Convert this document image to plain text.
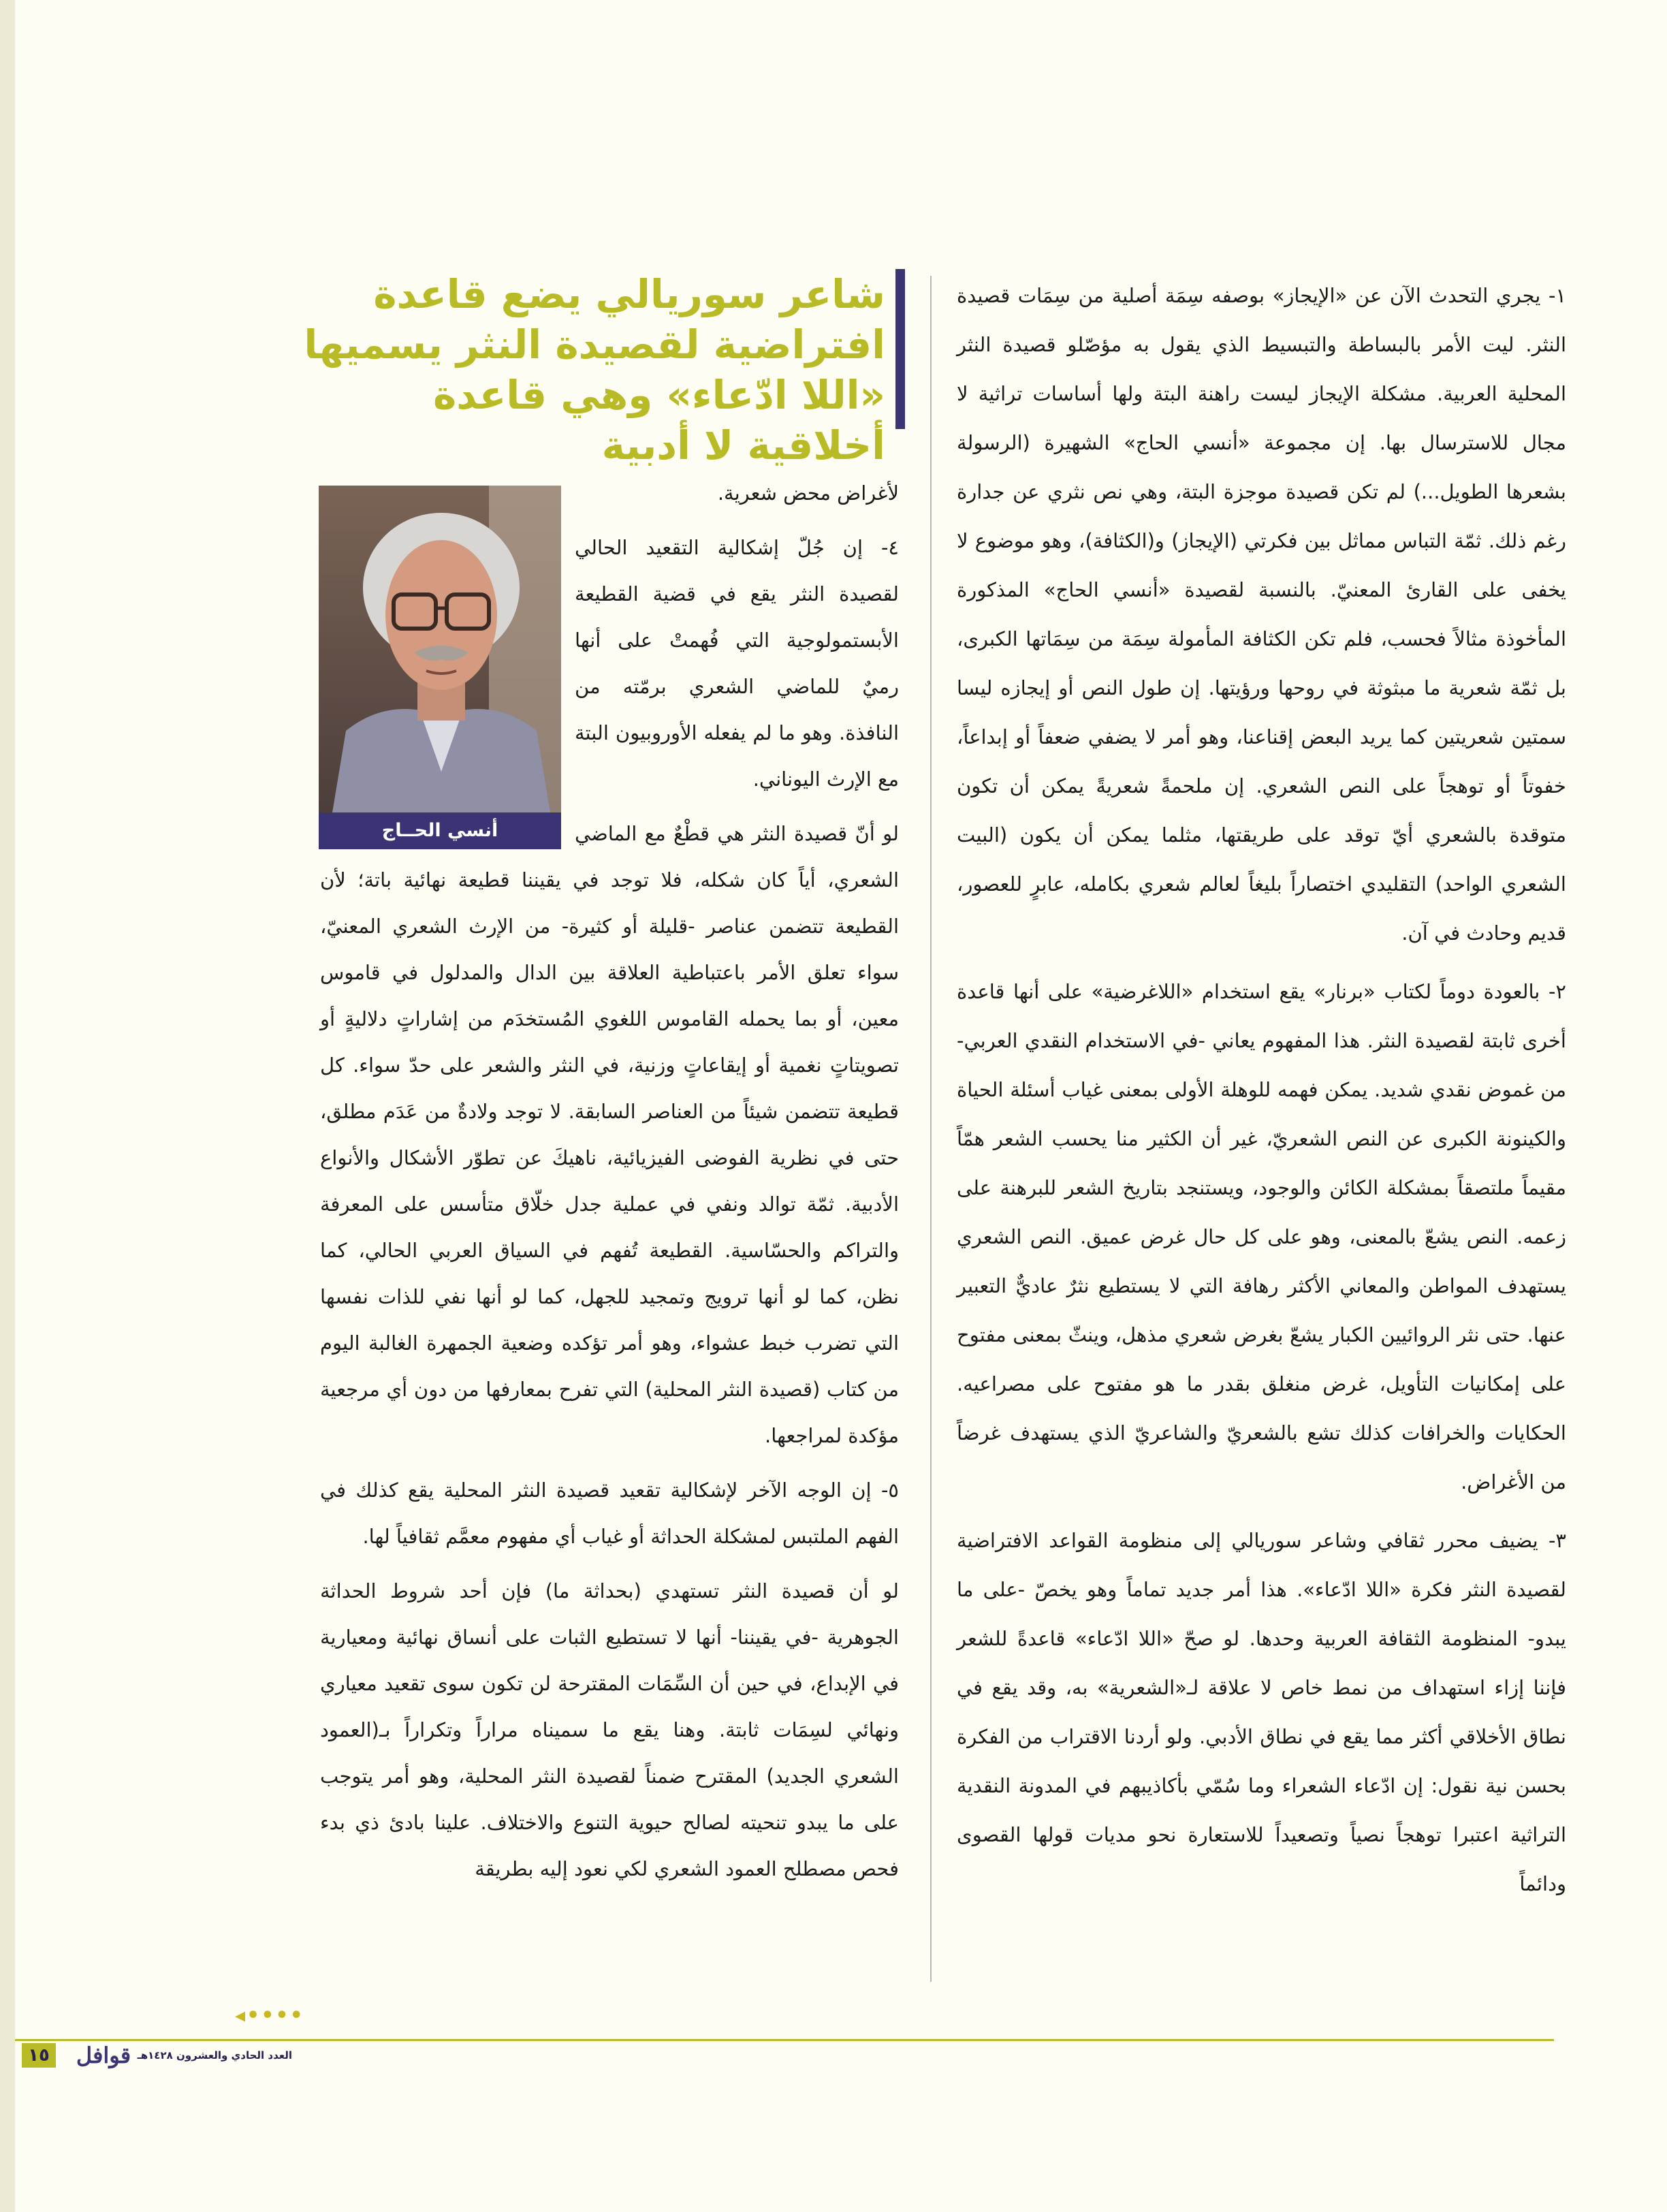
شاعر سوريالي يضع قاعدة افتراضية لقصيدة النثر يسميها «اللا ادّعاء» وهي قاعدة أخلاقية لا أدبية

١- يجري التحدث الآن عن «الإيجاز» بوصفه سِمَة أصلية من سِمَات قصيدة النثر. ليت الأمر بالبساطة والتبسيط الذي يقول به مؤصّلو قصيدة النثر المحلية العربية. مشكلة الإيجاز ليست راهنة البتة ولها أساسات تراثية لا مجال للاسترسال بها. إن مجموعة «أنسي الحاج» الشهيرة (الرسولة بشعرها الطويل...) لم تكن قصيدة موجزة البتة، وهي نص نثري عن جدارة رغم ذلك. ثمّة التباس مماثل بين فكرتي (الإيجاز) و(الكثافة)، وهو موضوع لا يخفى على القارئ المعنيّ. بالنسبة لقصيدة «أنسي الحاج» المذكورة المأخوذة مثالاً فحسب، فلم تكن الكثافة المأمولة سِمَة من سِمَاتها الكبرى، بل ثمّة شعرية ما مبثوثة في روحها ورؤيتها. إن طول النص أو إيجازه ليسا سمتين شعريتين كما يريد البعض إقناعنا، وهو أمر لا يضفي ضعفاً أو إبداعاً، خفوتاً أو توهجاً على النص الشعري. إن ملحمةً شعريةً يمكن أن تكون متوقدة بالشعري أيّ توقد على طريقتها، مثلما يمكن أن يكون (البيت الشعري الواحد) التقليدي اختصاراً بليغاً لعالم شعري بكامله، عابرٍ للعصور، قديم وحادث في آن.

٢- بالعودة دوماً لكتاب «برنار» يقع استخدام «اللاغرضية» على أنها قاعدة أخرى ثابتة لقصيدة النثر. هذا المفهوم يعاني -في الاستخدام النقدي العربي- من غموض نقدي شديد. يمكن فهمه للوهلة الأولى بمعنى غياب أسئلة الحياة والكينونة الكبرى عن النص الشعريّ، غير أن الكثير منا يحسب الشعر همّاً مقيماً ملتصقاً بمشكلة الكائن والوجود، ويستنجد بتاريخ الشعر للبرهنة على زعمه. النص يشعّ بالمعنى، وهو على كل حال غرض عميق. النص الشعري يستهدف المواطن والمعاني الأكثر رهافة التي لا يستطيع نثرٌ عاديٌّ التعبير عنها. حتى نثر الروائيين الكبار يشعّ بغرض شعري مذهل، وينثّ بمعنى مفتوح على إمكانيات التأويل، غرض منغلق بقدر ما هو مفتوح على مصراعيه. الحكايات والخرافات كذلك تشع بالشعريّ والشاعريّ الذي يستهدف غرضاً من الأغراض.

٣- يضيف محرر ثقافي وشاعر سوريالي إلى منظومة القواعد الافتراضية لقصيدة النثر فكرة «اللا ادّعاء». هذا أمر جديد تماماً وهو يخصّ -على ما يبدو- المنظومة الثقافة العربية وحدها. لو صحّ «اللا ادّعاء» قاعدةً للشعر فإننا إزاء استهداف من نمط خاص لا علاقة لـ«الشعرية» به، وقد يقع في نطاق الأخلاقي أكثر مما يقع في نطاق الأدبي. ولو أردنا الاقتراب من الفكرة بحسن نية نقول: إن ادّعاء الشعراء وما سُمّي بأكاذيبهم في المدونة النقدية التراثية اعتبرا توهجاً نصياً وتصعيداً للاستعارة نحو مديات قولها القصوى ودائماً

لأغراض محض شعرية.

٤- إن جُلّ إشكالية التقعيد الحالي لقصيدة النثر يقع في قضية القطيعة الأبستمولوجية التي فُهمتْ على أنها رميٌ للماضي الشعري برمّته من النافذة. وهو ما لم يفعله الأوروبيون البتة مع الإرث اليوناني.

لو أنّ قصيدة النثر هي قطْعٌ مع الماضي الشعري، أياً كان شكله، فلا توجد في يقيننا قطيعة نهائية باتة؛ لأن القطيعة تتضمن عناصر -قليلة أو كثيرة- من الإرث الشعري المعنيّ، سواء تعلق الأمر باعتباطية العلاقة بين الدال والمدلول في قاموس معين، أو بما يحمله القاموس اللغوي المُستخدَم من إشاراتٍ دلاليةٍ أو تصويتاتٍ نغمية أو إيقاعاتٍ وزنية، في النثر والشعر على حدّ سواء. كل قطيعة تتضمن شيئاً من العناصر السابقة. لا توجد ولادةٌ من عَدَم مطلق، حتى في نظرية الفوضى الفيزيائية، ناهيكَ عن تطوّر الأشكال والأنواع الأدبية. ثمّة توالد ونفي في عملية جدل خلّاق متأسس على المعرفة والتراكم والحسّاسية. القطيعة تُفهم في السياق العربي الحالي، كما نظن، كما لو أنها ترويج وتمجيد للجهل، كما لو أنها نفي للذات نفسها التي تضرب خبط عشواء، وهو أمر تؤكده وضعية الجمهرة الغالبة اليوم من كتاب (قصيدة النثر المحلية) التي تفرح بمعارفها من دون أي مرجعية مؤكدة لمراجعها.

٥- إن الوجه الآخر لإشكالية تقعيد قصيدة النثر المحلية يقع كذلك في الفهم الملتبس لمشكلة الحداثة أو غياب أي مفهوم معمَّم ثقافياً لها.

لو أن قصيدة النثر تستهدي (بحداثة ما) فإن أحد شروط الحداثة الجوهرية -في يقيننا- أنها لا تستطيع الثبات على أنساق نهائية ومعيارية في الإبداع، في حين أن السِّمَات المقترحة لن تكون سوى تقعيد معياري ونهائي لسِمَات ثابتة. وهنا يقع ما سميناه مراراً وتكراراً بـ(العمود الشعري الجديد) المقترح ضمناً لقصيدة النثر المحلية، وهو أمر يتوجب على ما يبدو تنحيته لصالح حيوية التنوع والاختلاف. علينا بادئ ذي بدء فحص مصطلح العمود الشعري لكي نعود إليه بطريقة

أنسي الحــاج
◂••••
١٥	قوافل العدد الحادي والعشرون ١٤٢٨هـ
